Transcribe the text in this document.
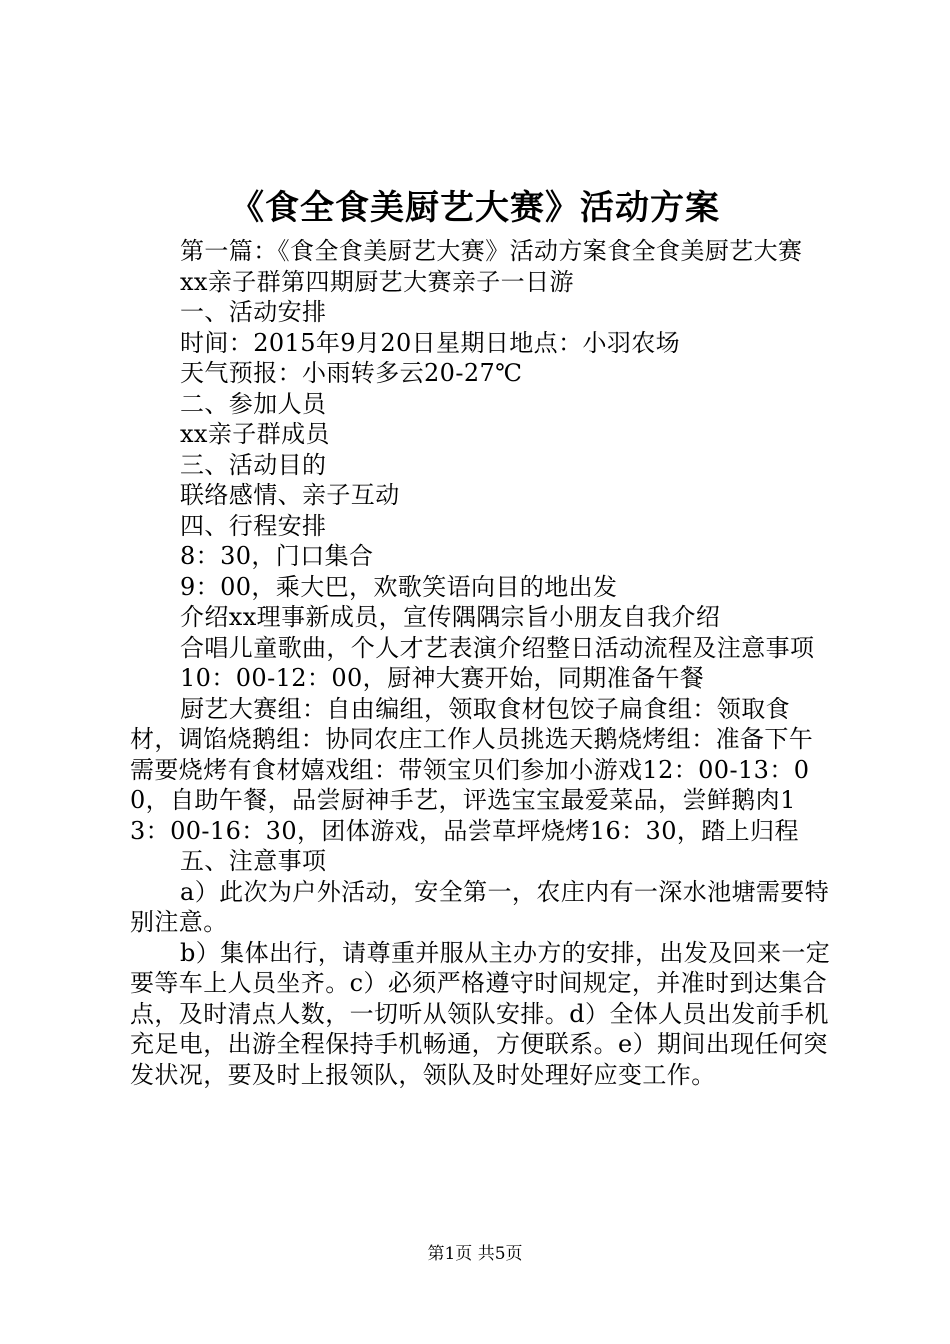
《食全食美厨艺大赛》活动方案

第一篇：《食全食美厨艺大赛》活动方案食全食美厨艺大赛

xx亲子群第四期厨艺大赛亲子一日游

一、活动安排

时间：2015年9月20日星期日地点：小羽农场

天气预报：小雨转多云20-27℃

二、参加人员

xx亲子群成员

三、活动目的

联络感情、亲子互动

四、行程安排

8：30，门口集合

9：00，乘大巴，欢歌笑语向目的地出发

介绍xx理事新成员，宣传隅隅宗旨小朋友自我介绍

合唱儿童歌曲，个人才艺表演介绍整日活动流程及注意事项

10：00-12：00，厨神大赛开始，同期准备午餐

厨艺大赛组：自由编组，领取食材包饺子扁食组：领取食材，调馅烧鹅组：协同农庄工作人员挑选天鹅烧烤组：准备下午需要烧烤有食材嬉戏组：带领宝贝们参加小游戏12：00-13：00，自助午餐，品尝厨神手艺，评选宝宝最爱菜品，尝鲜鹅肉13：00-16：30，团体游戏，品尝草坪烧烤16：30，踏上归程

五、注意事项

a）此次为户外活动，安全第一，农庄内有一深水池塘需要特别注意。

b）集体出行，请尊重并服从主办方的安排，出发及回来一定要等车上人员坐齐。c）必须严格遵守时间规定，并准时到达集合点，及时清点人数，一切听从领队安排。d）全体人员出发前手机充足电，出游全程保持手机畅通，方便联系。e）期间出现任何突发状况，要及时上报领队，领队及时处理好应变工作。

第1页 共5页
